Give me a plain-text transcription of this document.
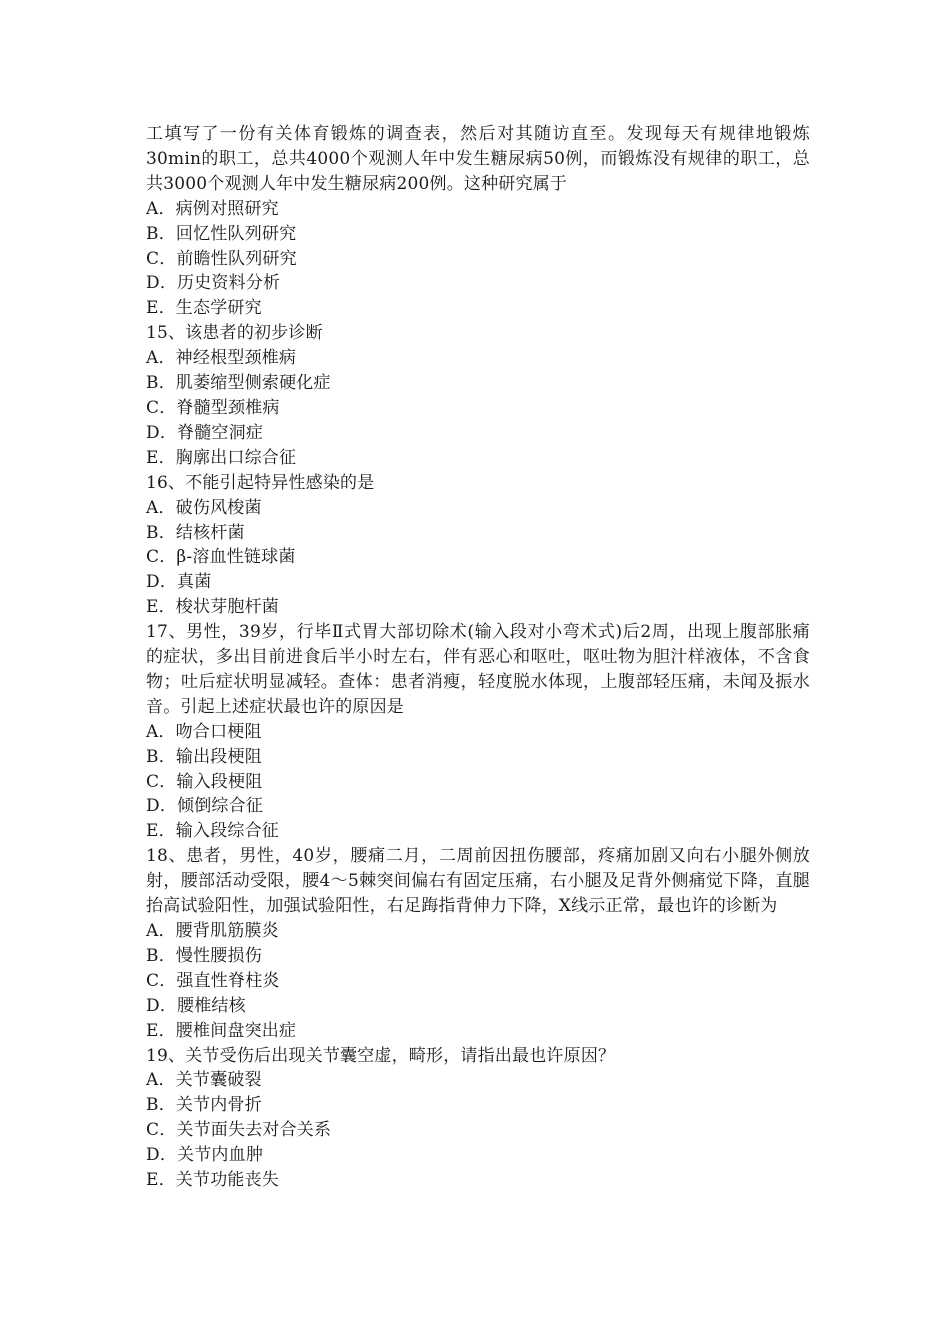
工填写了一份有关体育锻炼的调查表，然后对其随访直至。发现每天有规律地锻炼30min的职工，总共4000个观测人年中发生糖尿病50例，而锻炼没有规律的职工，总共3000个观测人年中发生糖尿病200例。这种研究属于

A．病例对照研究
B．回忆性队列研究
C．前瞻性队列研究
D．历史资料分析
E．生态学研究
15、该患者的初步诊断
A．神经根型颈椎病
B．肌萎缩型侧索硬化症
C．脊髓型颈椎病
D．脊髓空洞症
E．胸廓出口综合征
16、不能引起特异性感染的是
A．破伤风梭菌
B．结核杆菌
C．β-溶血性链球菌
D．真菌
E．梭状芽胞杆菌

17、男性，39岁，行毕Ⅱ式胃大部切除术(输入段对小弯术式)后2周，出现上腹部胀痛的症状，多出目前进食后半小时左右，伴有恶心和呕吐，呕吐物为胆汁样液体，不含食物；吐后症状明显减轻。查体：患者消瘦，轻度脱水体现，上腹部轻压痛，未闻及振水音。引起上述症状最也许的原因是

A．吻合口梗阻
B．输出段梗阻
C．输入段梗阻
D．倾倒综合征
E．输入段综合征

18、患者，男性，40岁，腰痛二月，二周前因扭伤腰部，疼痛加剧又向右小腿外侧放射，腰部活动受限，腰4～5棘突间偏右有固定压痛，右小腿及足背外侧痛觉下降，直腿抬高试验阳性，加强试验阳性，右足踇指背伸力下降，X线示正常，最也许的诊断为

A．腰背肌筋膜炎
B．慢性腰损伤
C．强直性脊柱炎
D．腰椎结核
E．腰椎间盘突出症
19、关节受伤后出现关节囊空虚，畸形，请指出最也许原因？
A．关节囊破裂
B．关节内骨折
C．关节面失去对合关系
D．关节内血肿
E．关节功能丧失
